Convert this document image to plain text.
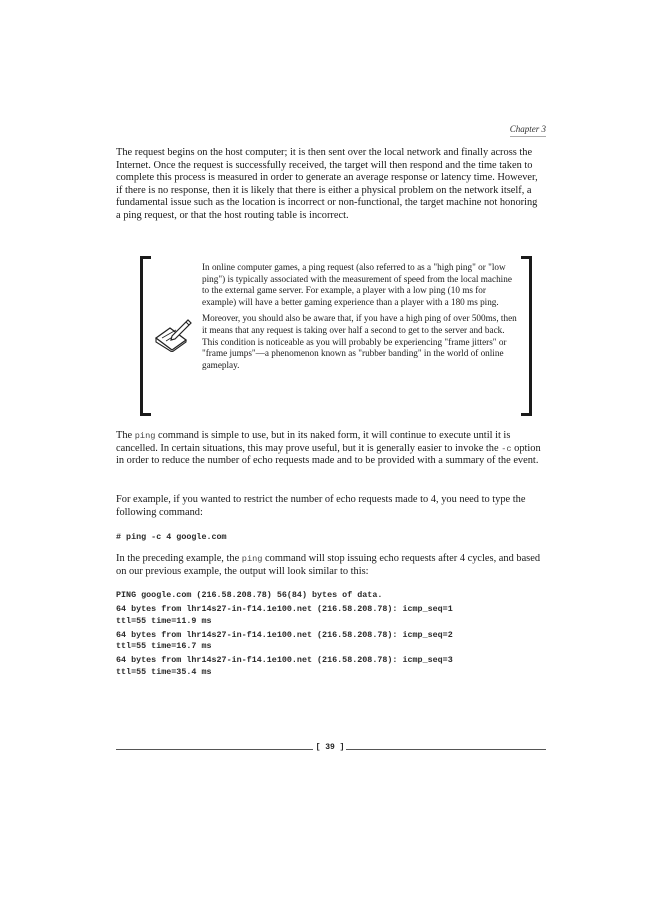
Chapter 3

The request begins on the host computer; it is then sent over the local network and finally across the Internet. Once the request is successfully received, the target will then respond and the time taken to complete this process is measured in order to generate an average response or latency time. However, if there is no response, then it is likely that there is either a physical problem on the network itself, a fundamental issue such as the location is incorrect or non-functional, the target machine not honoring a ping request, or that the host routing table is incorrect.

In online computer games, a ping request (also referred to as a "high ping" or "low ping") is typically associated with the measurement of speed from the local machine to the external game server. For example, a player with a low ping (10 ms for example) will have a better gaming experience than a player with a 180 ms ping.

Moreover, you should also be aware that, if you have a high ping of over 500ms, then it means that any request is taking over half a second to get to the server and back. This condition is noticeable as you will probably be experiencing "frame jitters" or "frame jumps"—a phenomenon known as "rubber banding" in the world of online gameplay.

The ping command is simple to use, but in its naked form, it will continue to execute until it is cancelled. In certain situations, this may prove useful, but it is generally easier to invoke the -c option in order to reduce the number of echo requests made and to be provided with a summary of the event.

For example, if you wanted to restrict the number of echo requests made to 4, you need to type the following command:

# ping -c 4 google.com

In the preceding example, the ping command will stop issuing echo requests after 4 cycles, and based on our previous example, the output will look similar to this:

PING google.com (216.58.208.78) 56(84) bytes of data.

64 bytes from lhr14s27-in-f14.1e100.net (216.58.208.78): icmp_seq=1

ttl=55 time=11.9 ms

64 bytes from lhr14s27-in-f14.1e100.net (216.58.208.78): icmp_seq=2

ttl=55 time=16.7 ms

64 bytes from lhr14s27-in-f14.1e100.net (216.58.208.78): icmp_seq=3

ttl=55 time=35.4 ms

[ 39 ]
